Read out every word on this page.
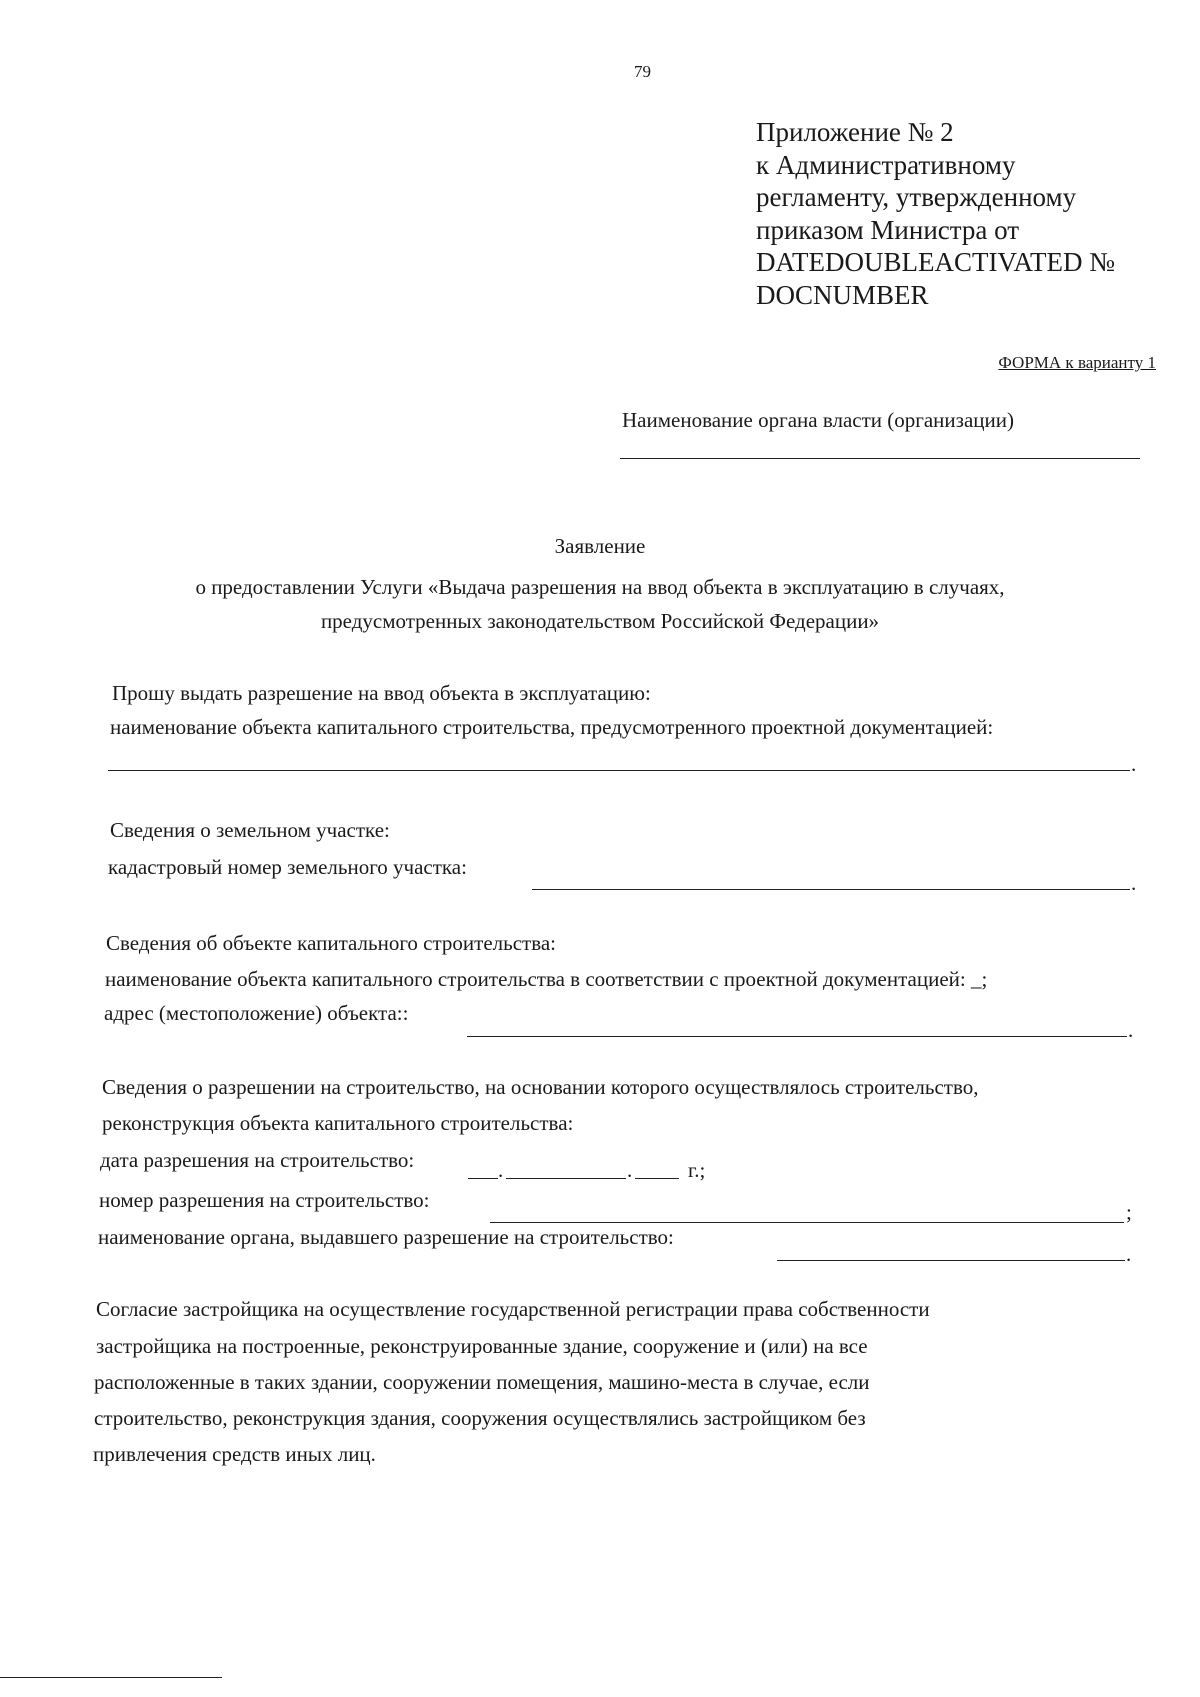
79
Приложение № 2
к Административному
регламенту, утвержденному
приказом Министра от
DATEDOUBLEACTIVATED №
DOCNUMBER
ФОРМА к варианту 1
Наименование органа власти (организации)
Заявление
о предоставлении Услуги «Выдача разрешения на ввод объекта в эксплуатацию в случаях,
предусмотренных законодательством Российской Федерации»
Прошу выдать разрешение на ввод объекта в эксплуатацию:
наименование объекта капитального строительства, предусмотренного проектной документацией:
.
Сведения о земельном участке:
кадастровый номер земельного участка:
.
Сведения об объекте капитального строительства:
наименование объекта капитального строительства в соответствии с проектной документацией: _;
адрес (местоположение) объекта::
.
Сведения о разрешении на строительство, на основании которого осуществлялось строительство,
реконструкция объекта капитального строительства:
дата разрешения на строительство:	.	.	г.;
номер разрешения на строительство:	;
наименование органа, выдавшего разрешение на строительство:
.
Согласие застройщика на осуществление государственной регистрации права собственности
застройщика на построенные, реконструированные здание, сооружение и (или) на все
расположенные в таких здании, сооружении помещения, машино-места в случае, если
строительство, реконструкция здания, сооружения осуществлялись застройщиком без
привлечения средств иных лиц.
